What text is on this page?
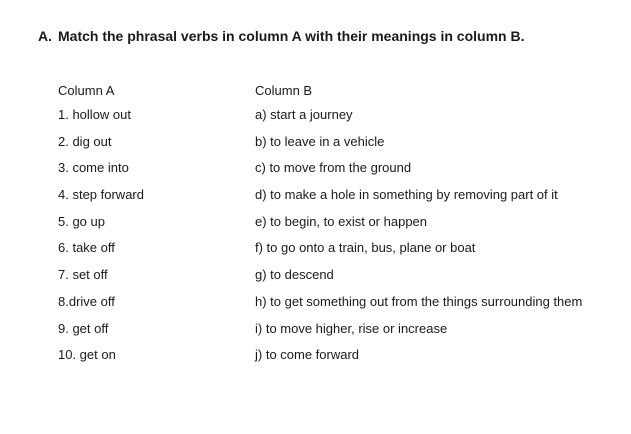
A. Match the phrasal verbs in column A with their meanings in column B.
Column A
1. hollow out
2. dig out
3. come into
4. step forward
5. go up
6. take off
7. set off
8.drive off
9. get off
10. get on
Column B
a) start a journey
b) to leave in a vehicle
c) to move from the ground
d) to make a hole in something by removing part of it
e) to begin, to exist or happen
f) to go onto a train, bus, plane or boat
g) to descend
h) to get something out from the things surrounding them
i) to move higher, rise or increase
j) to come forward
